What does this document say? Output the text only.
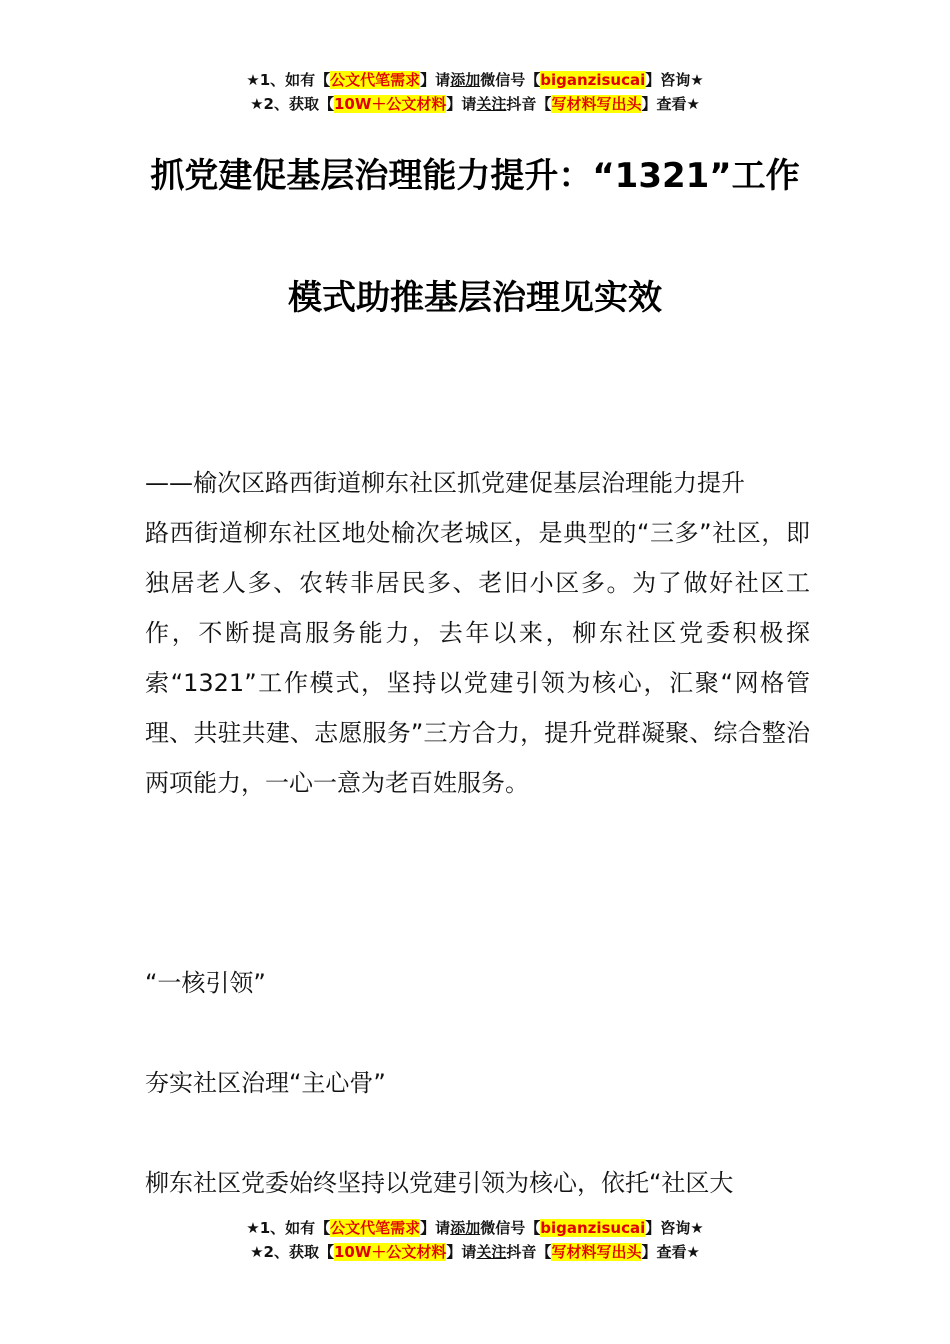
★1、如有【公文代笔需求】请添加微信号【biganzisucai】咨询★
★2、获取【10W＋公文材料】请关注抖音【写材料写出头】查看★
抓党建促基层治理能力提升：“1321”工作
模式助推基层治理见实效
——榆次区路西街道柳东社区抓党建促基层治理能力提升
路西街道柳东社区地处榆次老城区，是典型的“三多”社区，即独居老人多、农转非居民多、老旧小区多。为了做好社区工作，不断提高服务能力，去年以来，柳东社区党委积极探索“1321”工作模式，坚持以党建引领为核心，汇聚“网格管理、共驻共建、志愿服务”三方合力，提升党群凝聚、综合整治两项能力，一心一意为老百姓服务。
“一核引领”
夯实社区治理“主心骨”
柳东社区党委始终坚持以党建引领为核心，依托“社区大
★1、如有【公文代笔需求】请添加微信号【biganzisucai】咨询★
★2、获取【10W＋公文材料】请关注抖音【写材料写出头】查看★
